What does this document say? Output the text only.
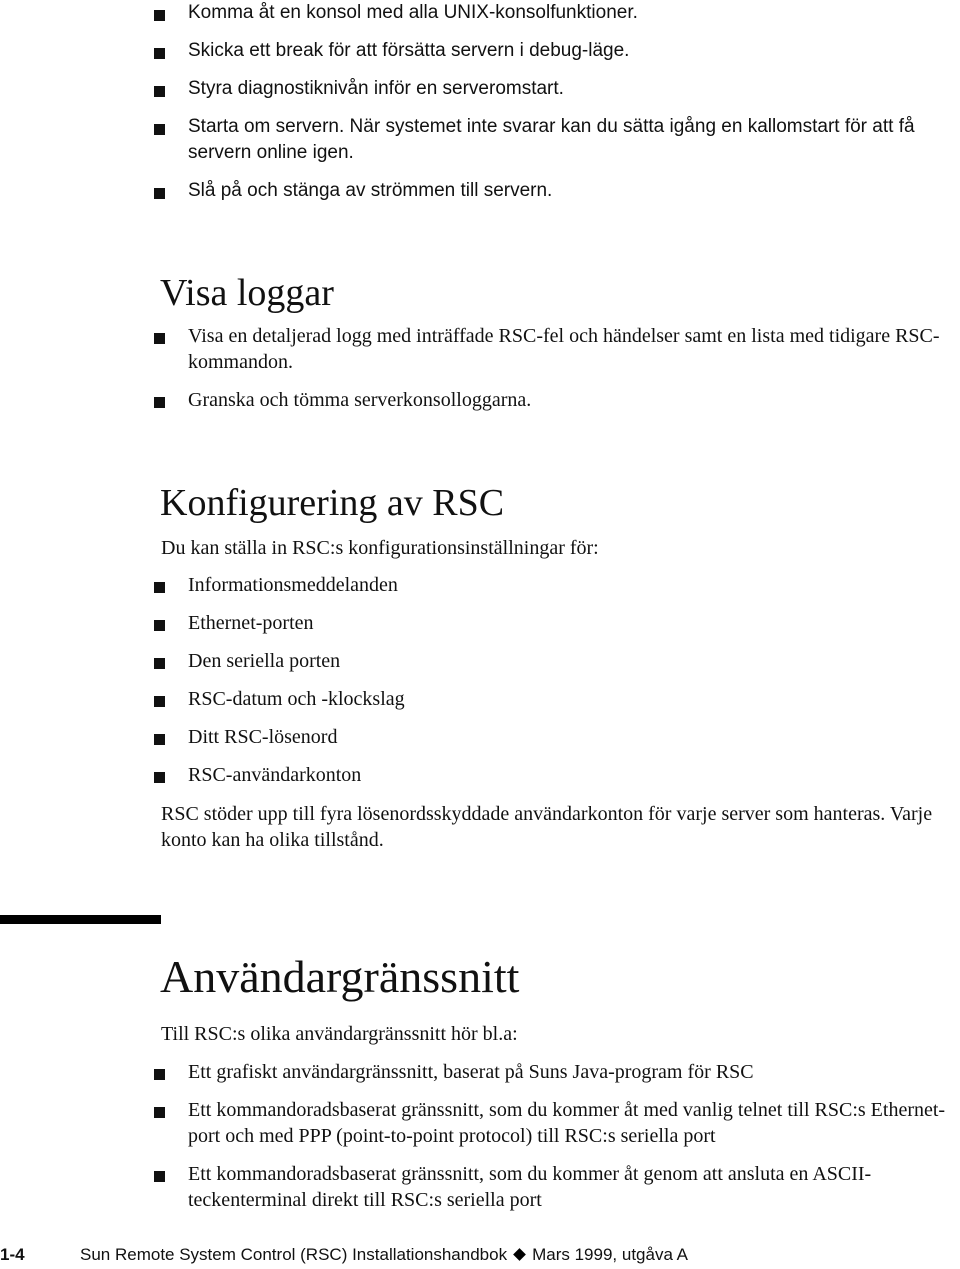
Komma åt en konsol med alla UNIX-konsolfunktioner.
Skicka ett break för att försätta servern i debug-läge.
Styra diagnostiknivån inför en serveromstart.
Starta om servern. När systemet inte svarar kan du sätta igång en kallomstart för att få servern online igen.
Slå på och stänga av strömmen till servern.
Visa loggar
Visa en detaljerad logg med inträffade RSC-fel och händelser samt en lista med tidigare RSC-kommandon.
Granska och tömma serverkonsolloggarna.
Konfigurering av RSC

Du kan ställa in RSC:s konfigurationsinställningar för:

Informationsmeddelanden
Ethernet-porten
Den seriella porten
RSC-datum och -klockslag
Ditt RSC-lösenord
RSC-användarkonton

RSC stöder upp till fyra lösenordsskyddade användarkonton för varje server som hanteras. Varje konto kan ha olika tillstånd.

Användargränssnitt

Till RSC:s olika användargränssnitt hör bl.a:

Ett grafiskt användargränssnitt, baserat på Suns Java-program för RSC
Ett kommandoradsbaserat gränssnitt, som du kommer åt med vanlig telnet till RSC:s Ethernet-port och med PPP (point-to-point protocol) till RSC:s seriella port
Ett kommandoradsbaserat gränssnitt, som du kommer åt genom att ansluta en ASCII-teckenterminal direkt till RSC:s seriella port
1-4	Sun Remote System Control (RSC) Installationshandbok Mars 1999, utgåva A
